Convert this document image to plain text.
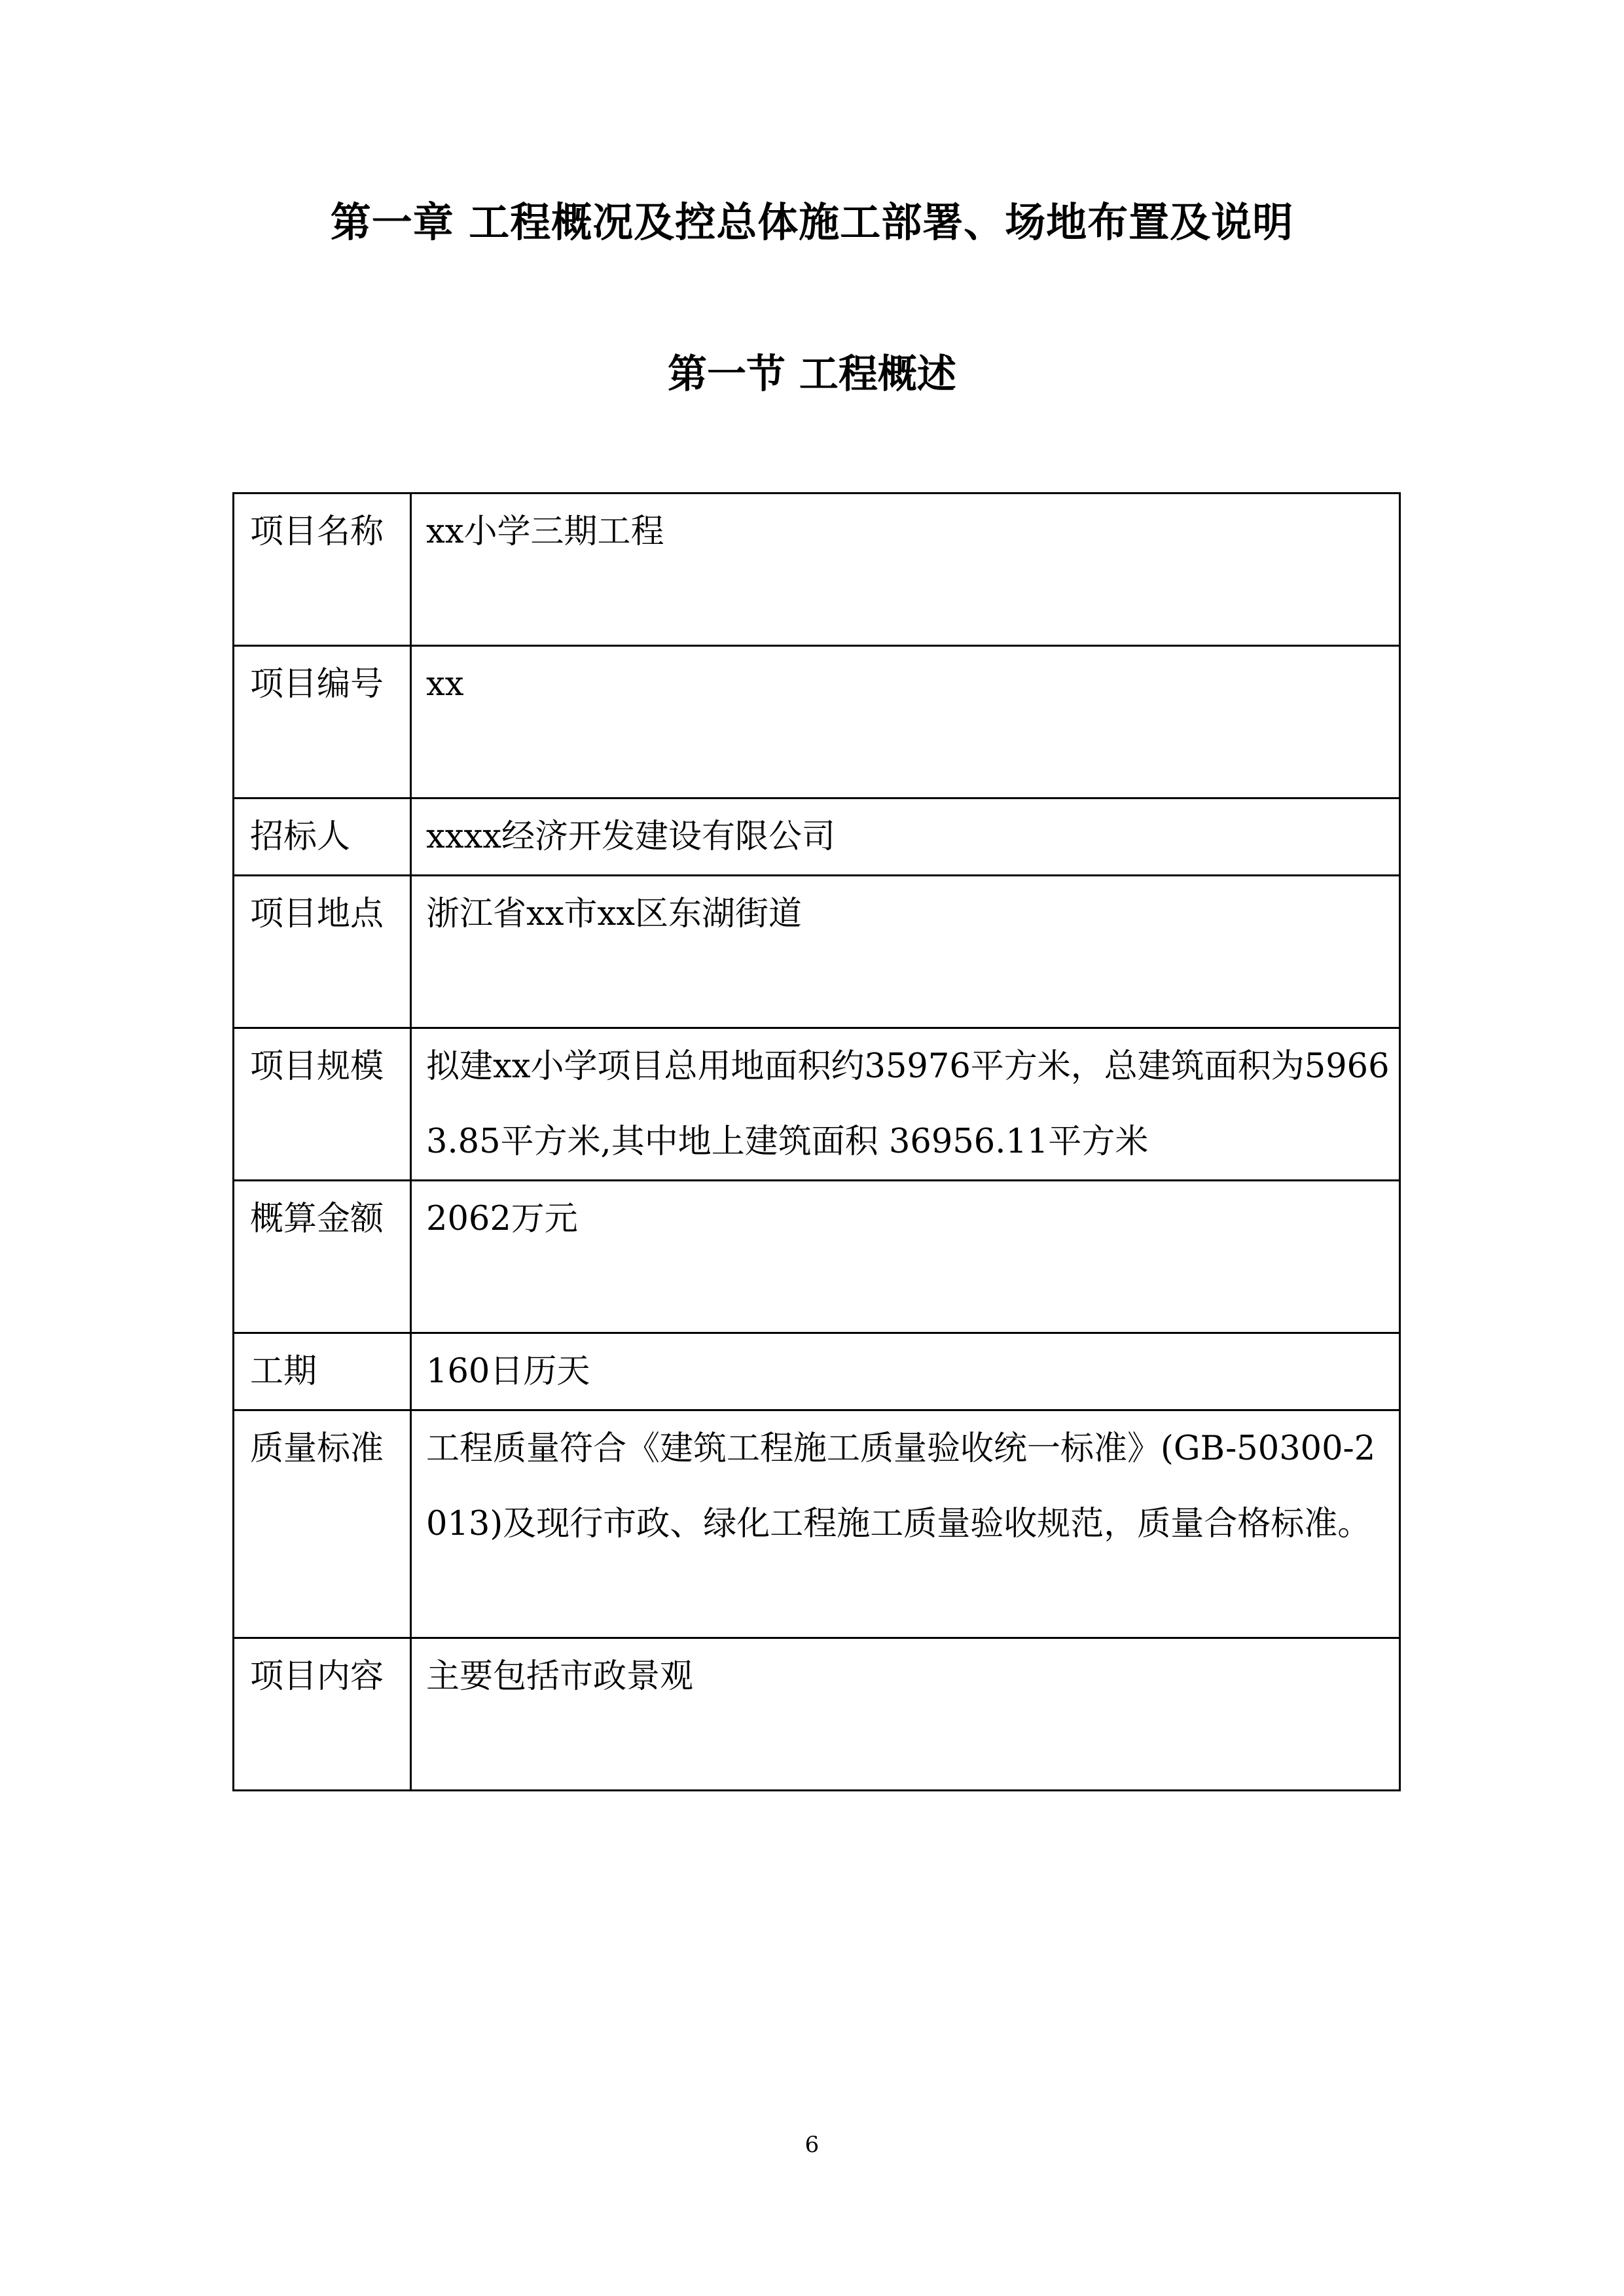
第一章 工程概况及控总体施工部署、场地布置及说明
第一节 工程概述
项目名称	xx小学三期工程
项目编号	xx
招标人	xxxx经济开发建设有限公司
项目地点	浙江省xx市xx区东湖街道
项目规模	拟建xx小学项目总用地面积约35976平方米，总建筑面积为59663.85平方米,其中地上建筑面积 36956.11平方米
概算金额	2062万元
工期	160日历天
质量标准	工程质量符合《建筑工程施工质量验收统一标准》(GB-50300-2013)及现行市政、绿化工程施工质量验收规范，质量合格标准。
项目内容	主要包括市政景观
6
